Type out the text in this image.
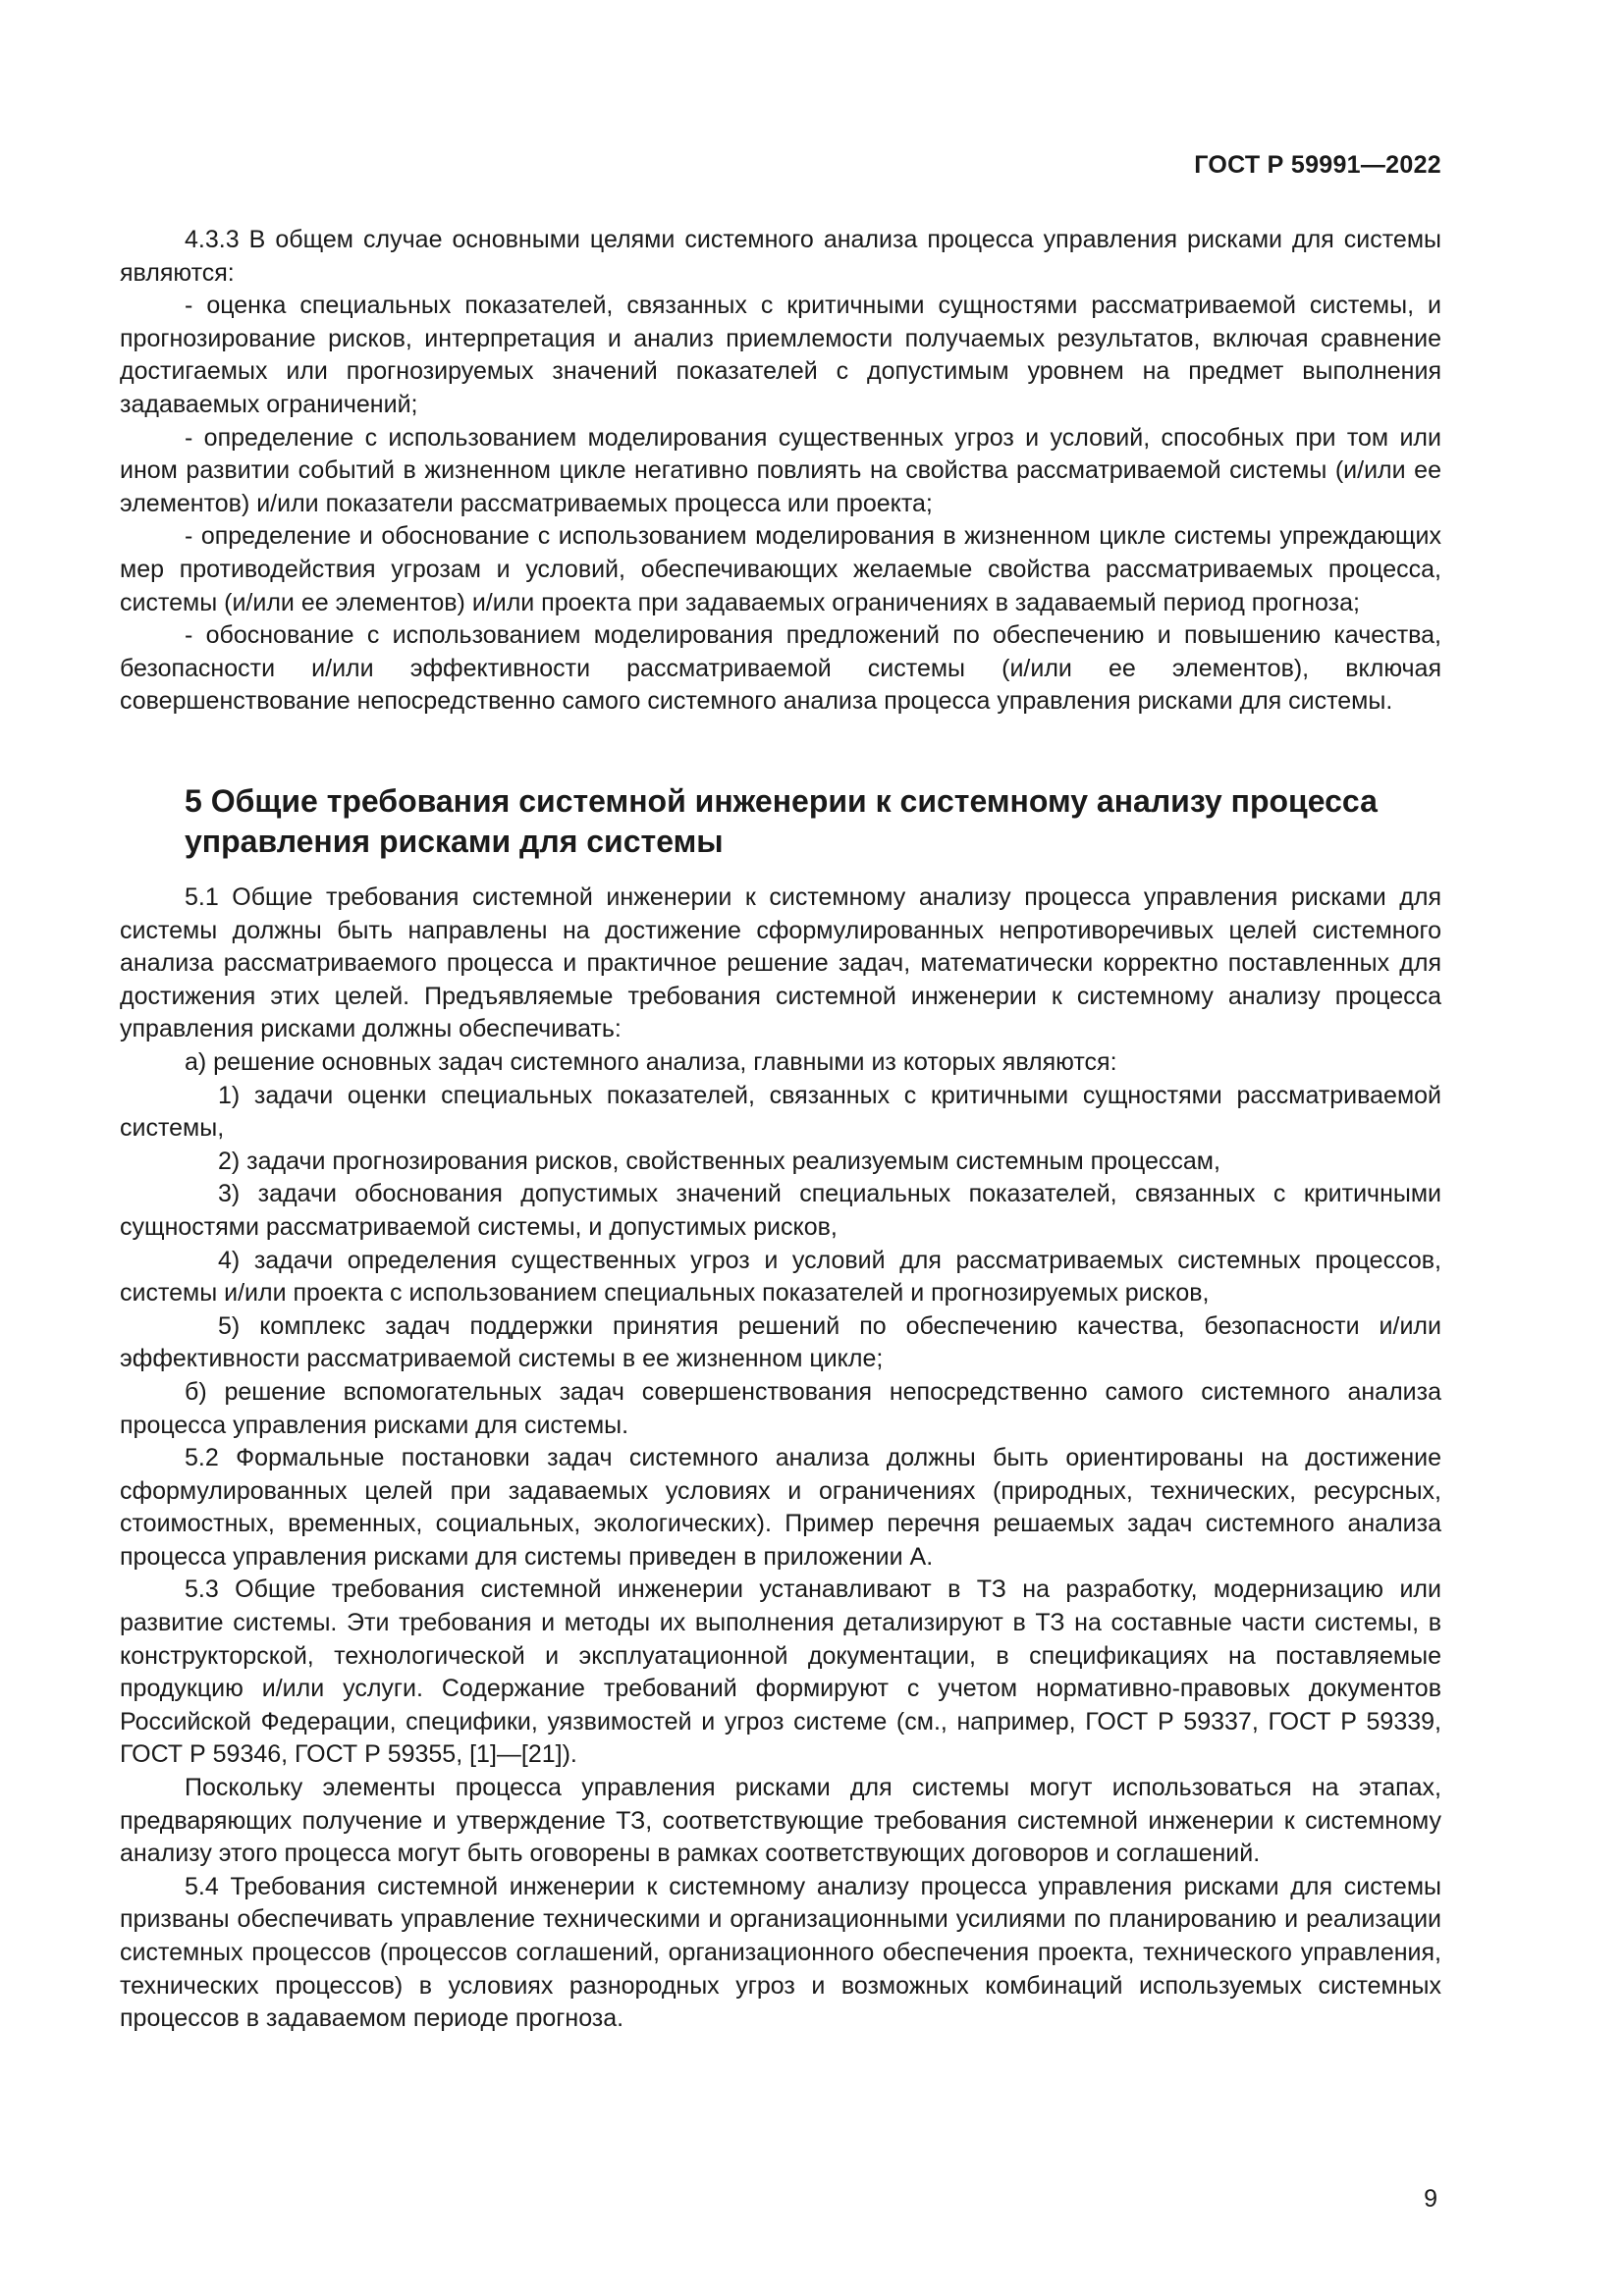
ГОСТ Р 59991—2022

4.3.3 В общем случае основными целями системного анализа процесса управления рисками для системы являются:

- оценка специальных показателей, связанных с критичными сущностями рассматриваемой системы, и прогнозирование рисков, интерпретация и анализ приемлемости получаемых результатов, включая сравнение достигаемых или прогнозируемых значений показателей с допустимым уровнем на предмет выполнения задаваемых ограничений;

- определение с использованием моделирования существенных угроз и условий, способных при том или ином развитии событий в жизненном цикле негативно повлиять на свойства рассматриваемой системы (и/или ее элементов) и/или показатели рассматриваемых процесса или проекта;

- определение и обоснование с использованием моделирования в жизненном цикле системы упреждающих мер противодействия угрозам и условий, обеспечивающих желаемые свойства рассматриваемых процесса, системы (и/или ее элементов) и/или проекта при задаваемых ограничениях в задаваемый период прогноза;

- обоснование с использованием моделирования предложений по обеспечению и повышению качества, безопасности и/или эффективности рассматриваемой системы (и/или ее элементов), включая совершенствование непосредственно самого системного анализа процесса управления рисками для системы.

5 Общие требования системной инженерии к системному анализу процесса управления рисками для системы

5.1 Общие требования системной инженерии к системному анализу процесса управления рисками для системы должны быть направлены на достижение сформулированных непротиворечивых целей системного анализа рассматриваемого процесса и практичное решение задач, математически корректно поставленных для достижения этих целей. Предъявляемые требования системной инженерии к системному анализу процесса управления рисками должны обеспечивать:

а) решение основных задач системного анализа, главными из которых являются:

1) задачи оценки специальных показателей, связанных с критичными сущностями рассматриваемой системы,

2) задачи прогнозирования рисков, свойственных реализуемым системным процессам,

3) задачи обоснования допустимых значений специальных показателей, связанных с критичными сущностями рассматриваемой системы, и допустимых рисков,

4) задачи определения существенных угроз и условий для рассматриваемых системных процессов, системы и/или проекта с использованием специальных показателей и прогнозируемых рисков,

5) комплекс задач поддержки принятия решений по обеспечению качества, безопасности и/или эффективности рассматриваемой системы в ее жизненном цикле;

б) решение вспомогательных задач совершенствования непосредственно самого системного анализа процесса управления рисками для системы.

5.2 Формальные постановки задач системного анализа должны быть ориентированы на достижение сформулированных целей при задаваемых условиях и ограничениях (природных, технических, ресурсных, стоимостных, временных, социальных, экологических). Пример перечня решаемых задач системного анализа процесса управления рисками для системы приведен в приложении А.

5.3 Общие требования системной инженерии устанавливают в ТЗ на разработку, модернизацию или развитие системы. Эти требования и методы их выполнения детализируют в ТЗ на составные части системы, в конструкторской, технологической и эксплуатационной документации, в спецификациях на поставляемые продукцию и/или услуги. Содержание требований формируют с учетом нормативно-правовых документов Российской Федерации, специфики, уязвимостей и угроз системе (см., например, ГОСТ Р 59337, ГОСТ Р 59339, ГОСТ Р 59346, ГОСТ Р 59355, [1]—[21]).

Поскольку элементы процесса управления рисками для системы могут использоваться на этапах, предваряющих получение и утверждение ТЗ, соответствующие требования системной инженерии к системному анализу этого процесса могут быть оговорены в рамках соответствующих договоров и соглашений.

5.4 Требования системной инженерии к системному анализу процесса управления рисками для системы призваны обеспечивать управление техническими и организационными усилиями по планированию и реализации системных процессов (процессов соглашений, организационного обеспечения проекта, технического управления, технических процессов) в условиях разнородных угроз и возможных комбинаций используемых системных процессов в задаваемом периоде прогноза.

9
